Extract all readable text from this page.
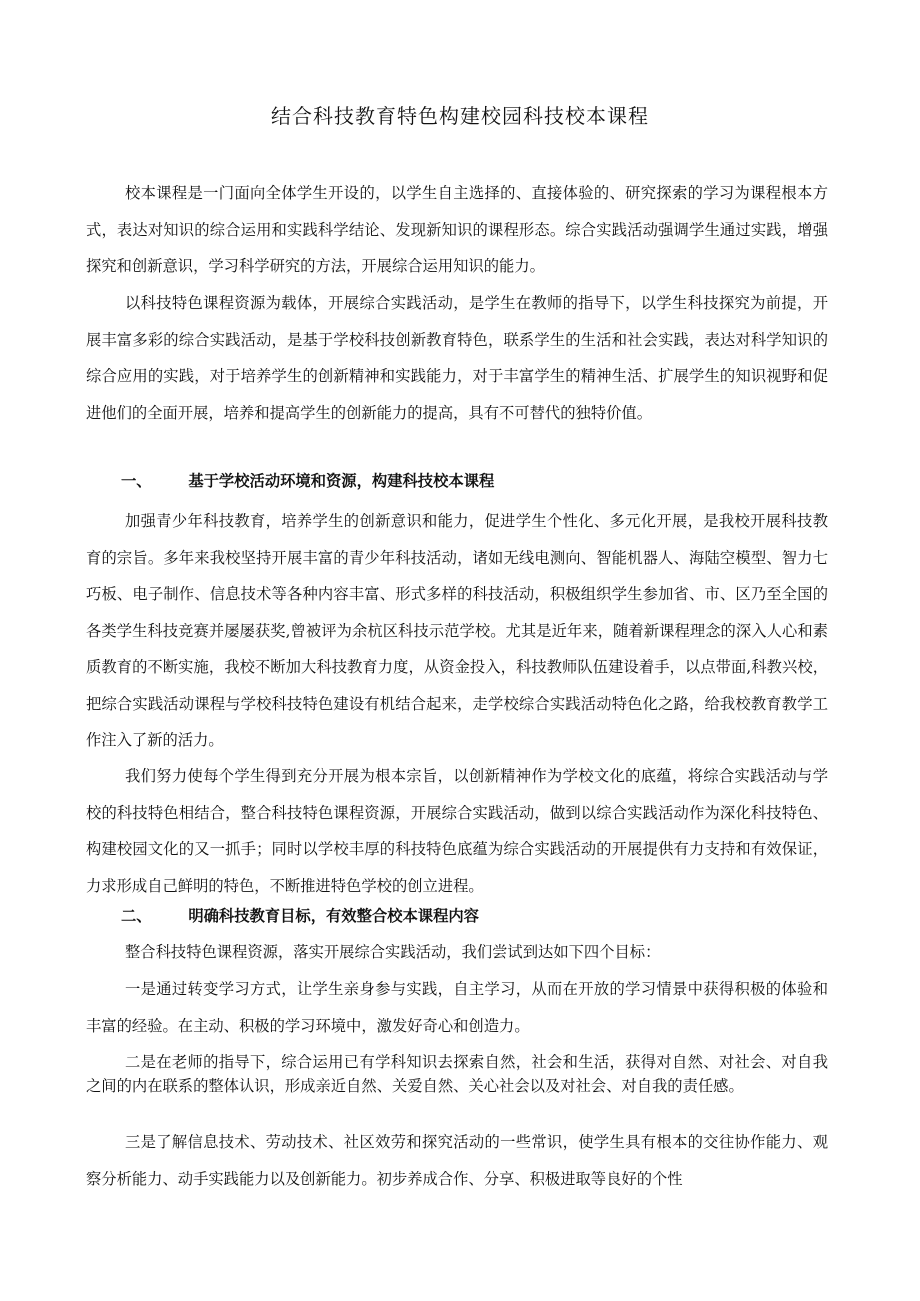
结合科技教育特色构建校园科技校本课程

校本课程是一门面向全体学生开设的，以学生自主选择的、直接体验的、研究探索的学习为课程根本方式，表达对知识的综合运用和实践科学结论、发现新知识的课程形态。综合实践活动强调学生通过实践，增强探究和创新意识，学习科学研究的方法，开展综合运用知识的能力。

以科技特色课程资源为载体，开展综合实践活动，是学生在教师的指导下，以学生科技探究为前提，开展丰富多彩的综合实践活动，是基于学校科技创新教育特色，联系学生的生活和社会实践，表达对科学知识的综合应用的实践，对于培养学生的创新精神和实践能力，对于丰富学生的精神生活、扩展学生的知识视野和促进他们的全面开展，培养和提高学生的创新能力的提高，具有不可替代的独特价值。

一、 基于学校活动环境和资源，构建科技校本课程

加强青少年科技教育，培养学生的创新意识和能力，促进学生个性化、多元化开展，是我校开展科技教育的宗旨。多年来我校坚持开展丰富的青少年科技活动，诸如无线电测向、智能机器人、海陆空模型、智力七巧板、电子制作、信息技术等各种内容丰富、形式多样的科技活动，积极组织学生参加省、市、区乃至全国的各类学生科技竞赛并屡屡获奖,曾被评为余杭区科技示范学校。尤其是近年来，随着新课程理念的深入人心和素质教育的不断实施，我校不断加大科技教育力度，从资金投入，科技教师队伍建设着手，以点带面,科教兴校，把综合实践活动课程与学校科技特色建设有机结合起来，走学校综合实践活动特色化之路，给我校教育教学工作注入了新的活力。

我们努力使每个学生得到充分开展为根本宗旨，以创新精神作为学校文化的底蕴，将综合实践活动与学校的科技特色相结合，整合科技特色课程资源，开展综合实践活动，做到以综合实践活动作为深化科技特色、构建校园文化的又一抓手；同时以学校丰厚的科技特色底蕴为综合实践活动的开展提供有力支持和有效保证，力求形成自己鲜明的特色，不断推进特色学校的创立进程。

二、 明确科技教育目标，有效整合校本课程内容

整合科技特色课程资源，落实开展综合实践活动，我们尝试到达如下四个目标：

一是通过转变学习方式，让学生亲身参与实践，自主学习，从而在开放的学习情景中获得积极的体验和丰富的经验。在主动、积极的学习环境中，激发好奇心和创造力。

二是在老师的指导下，综合运用已有学科知识去探索自然，社会和生活，获得对自然、对社会、对自我之间的内在联系的整体认识，形成亲近自然、关爱自然、关心社会以及对社会、对自我的责任感。

三是了解信息技术、劳动技术、社区效劳和探究活动的一些常识，使学生具有根本的交往协作能力、观察分析能力、动手实践能力以及创新能力。初步养成合作、分享、积极进取等良好的个性
